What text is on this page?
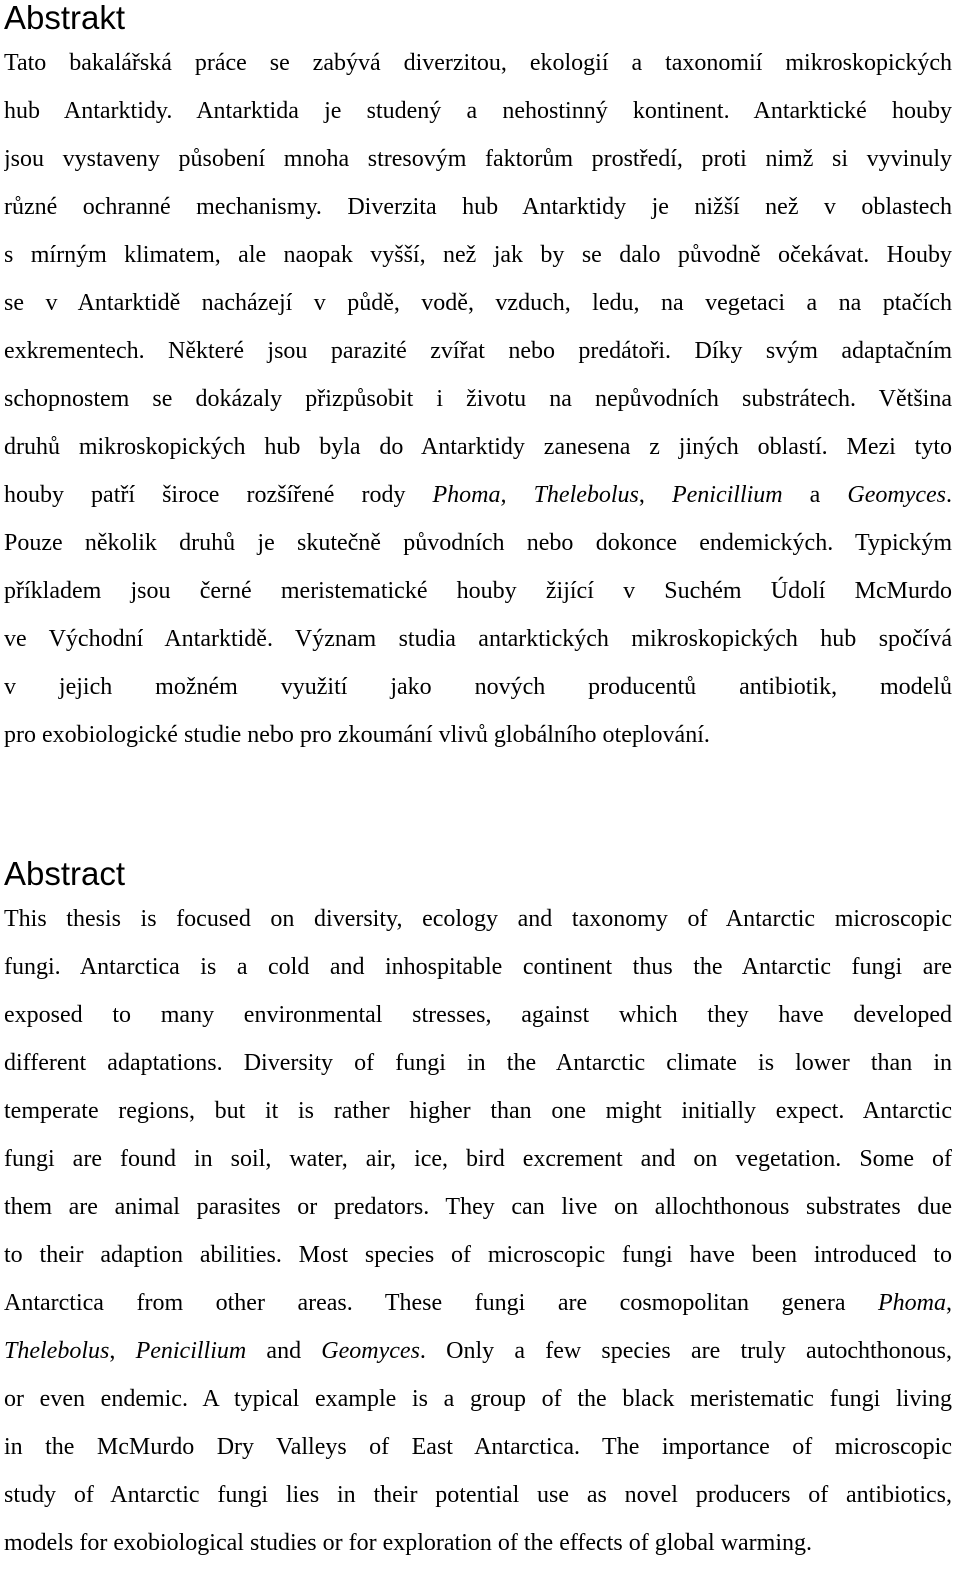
Abstrakt
Tato bakalářská práce se zabývá diverzitou, ekologií a taxonomií mikroskopických
hub Antarktidy. Antarktida je studený a nehostinný kontinent. Antarktické houby
jsou vystaveny působení mnoha stresovým faktorům prostředí, proti nimž si vyvinuly
různé ochranné mechanismy. Diverzita hub Antarktidy je nižší než v oblastech
s mírným klimatem, ale naopak vyšší, než jak by se dalo původně očekávat. Houby
se v Antarktidě nacházejí v půdě, vodě, vzduch, ledu, na vegetaci a na ptačích
exkrementech. Některé jsou parazité zvířat nebo predátoři. Díky svým adaptačním
schopnostem se dokázaly přizpůsobit i životu na nepůvodních substrátech. Většina
druhů mikroskopických hub byla do Antarktidy zanesena z jiných oblastí. Mezi tyto
houby patří široce rozšířené rody Phoma, Thelebolus, Penicillium a Geomyces.
Pouze několik druhů je skutečně původních nebo dokonce endemických. Typickým
příkladem jsou černé meristematické houby žijící v Suchém Údolí McMurdo
ve Východní Antarktidě. Význam studia antarktických mikroskopických hub spočívá
v jejich možném využití jako nových producentů antibiotik, modelů
pro exobiologické studie nebo pro zkoumání vlivů globálního oteplování.
Abstract
This thesis is focused on diversity, ecology and taxonomy of Antarctic microscopic
fungi. Antarctica is a cold and inhospitable continent thus the Antarctic fungi are
exposed to many environmental stresses, against which they have developed
different adaptations. Diversity of fungi in the Antarctic climate is lower than in
temperate regions, but it is rather higher than one might initially expect. Antarctic
fungi are found in soil, water, air, ice, bird excrement and on vegetation. Some of
them are animal parasites or predators. They can live on allochthonous substrates due
to their adaption abilities. Most species of microscopic fungi have been introduced to
Antarctica from other areas. These fungi are cosmopolitan genera Phoma,
Thelebolus, Penicillium and Geomyces. Only a few species are truly autochthonous,
or even endemic. A typical example is a group of the black meristematic fungi living
in the McMurdo Dry Valleys of East Antarctica. The importance of microscopic
study of Antarctic fungi lies in their potential use as novel producers of antibiotics,
models for exobiological studies or for exploration of the effects of global warming.
